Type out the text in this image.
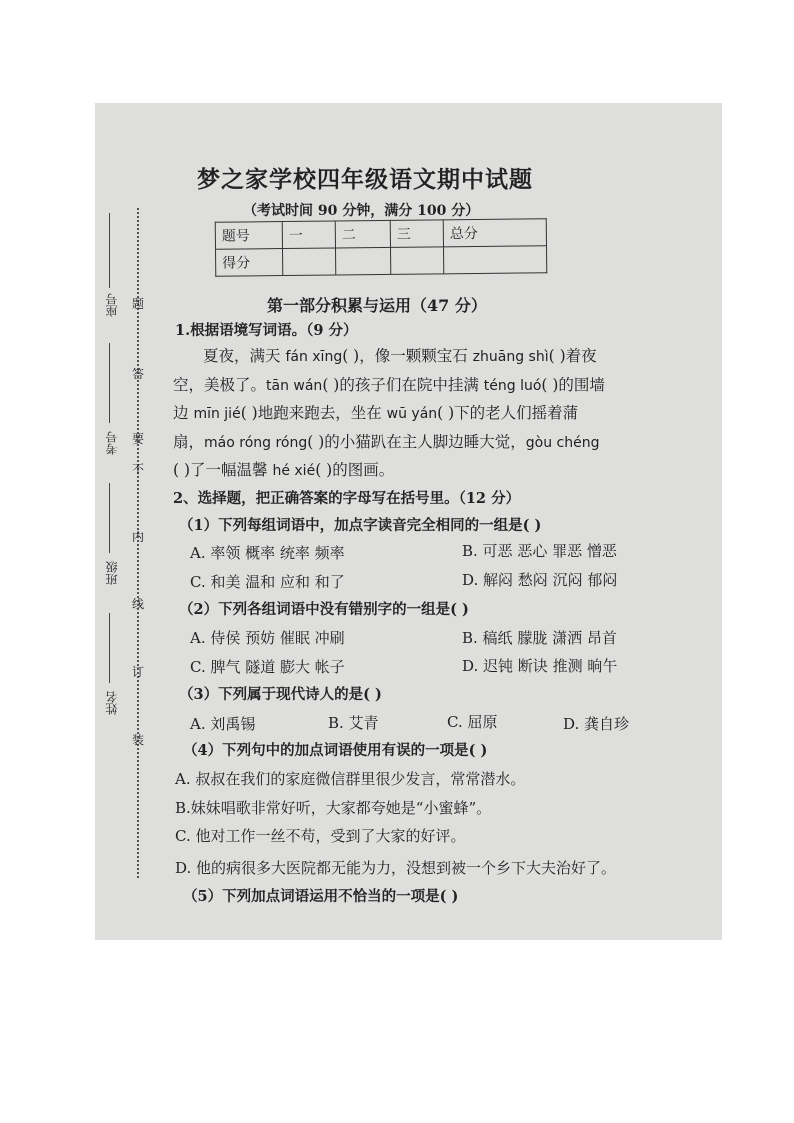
座号
考号
班级
姓名
题
答
要
不
内
线
订
装
梦之家学校四年级语文期中试题
（考试时间 90 分钟，满分 100 分）
题号	一	二	三	总分
得分				
第一部分积累与运用（47 分）
1.根据语境写词语。（9 分）
夏夜，满天 fán xīng( )，像一颗颗宝石 zhuāng shì( )着夜
空，美极了。tān wán( )的孩子们在院中挂满 téng luó( )的围墙
边 mīn jié( )地跑来跑去，坐在 wū yán( )下的老人们摇着蒲
扇，máo róng róng( )的小猫趴在主人脚边睡大觉，gòu chéng
( )了一幅温馨 hé xié( )的图画。
2、选择题，把正确答案的字母写在括号里。（12 分）
（1）下列每组词语中，加点字读音完全相同的一组是( )
A. 率领 概率 统率 频率	B. 可恶 恶心 罪恶 憎恶
C. 和美 温和 应和 和了	D. 解闷 愁闷 沉闷 郁闷
（2）下列各组词语中没有错别字的一组是( )
A. 侍侯 预妨 催眠 冲刷	B. 稿纸 朦胧 潇洒 昂首
C. 脾气 隧道 膨大 帐子	D. 迟钝 断诀 推测 晌午
（3）下列属于现代诗人的是( )
A. 刘禹锡	B. 艾青	C. 屈原	D. 龚自珍
（4）下列句中的加点词语使用有误的一项是( )
A. 叔叔在我们的家庭微信群里很少发言，常常潜水。
B.妹妹唱歌非常好听，大家都夸她是“小蜜蜂”。
C. 他对工作一丝不苟，受到了大家的好评。
D. 他的病很多大医院都无能为力，没想到被一个乡下大夫治好了。
（5）下列加点词语运用不恰当的一项是( )
